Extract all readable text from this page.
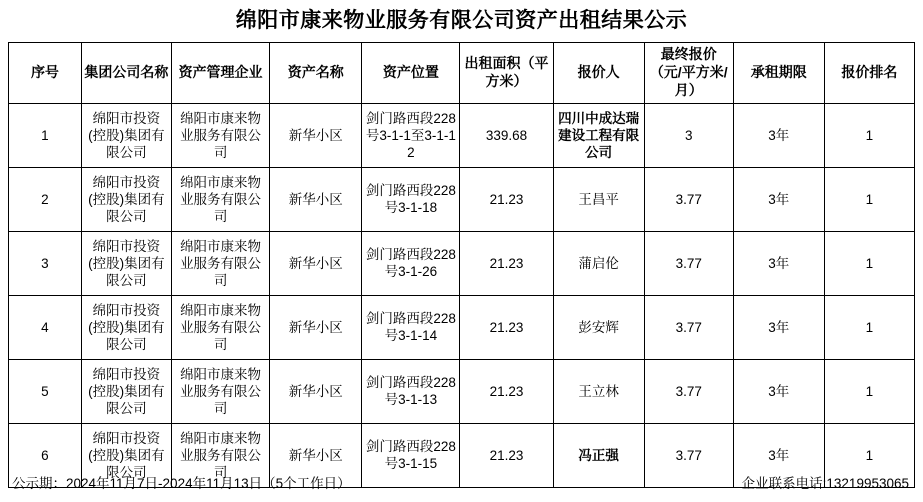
绵阳市康来物业服务有限公司资产出租结果公示
序号	集团公司名称	资产管理企业	资产名称	资产位置	出租面积（平方米）	报价人	最终报价（元/平方米/月）	承租期限	报价排名
1	绵阳市投资(控股)集团有限公司	绵阳市康来物业服务有限公司	新华小区	剑门路西段228号3-1-1至3-1-12	339.68	四川中成达瑞建设工程有限公司	3	3年	1
2	绵阳市投资(控股)集团有限公司	绵阳市康来物业服务有限公司	新华小区	剑门路西段228号3-1-18	21.23	王昌平	3.77	3年	1
3	绵阳市投资(控股)集团有限公司	绵阳市康来物业服务有限公司	新华小区	剑门路西段228号3-1-26	21.23	蒲启伦	3.77	3年	1
4	绵阳市投资(控股)集团有限公司	绵阳市康来物业服务有限公司	新华小区	剑门路西段228号3-1-14	21.23	彭安辉	3.77	3年	1
5	绵阳市投资(控股)集团有限公司	绵阳市康来物业服务有限公司	新华小区	剑门路西段228号3-1-13	21.23	王立林	3.77	3年	1
6	绵阳市投资(控股)集团有限公司	绵阳市康来物业服务有限公司	新华小区	剑门路西段228号3-1-15	21.23	冯正强	3.77	3年	1
公示期：2024年11月7日-2024年11月13日（5个工作日）	企业联系电话:13219953065
